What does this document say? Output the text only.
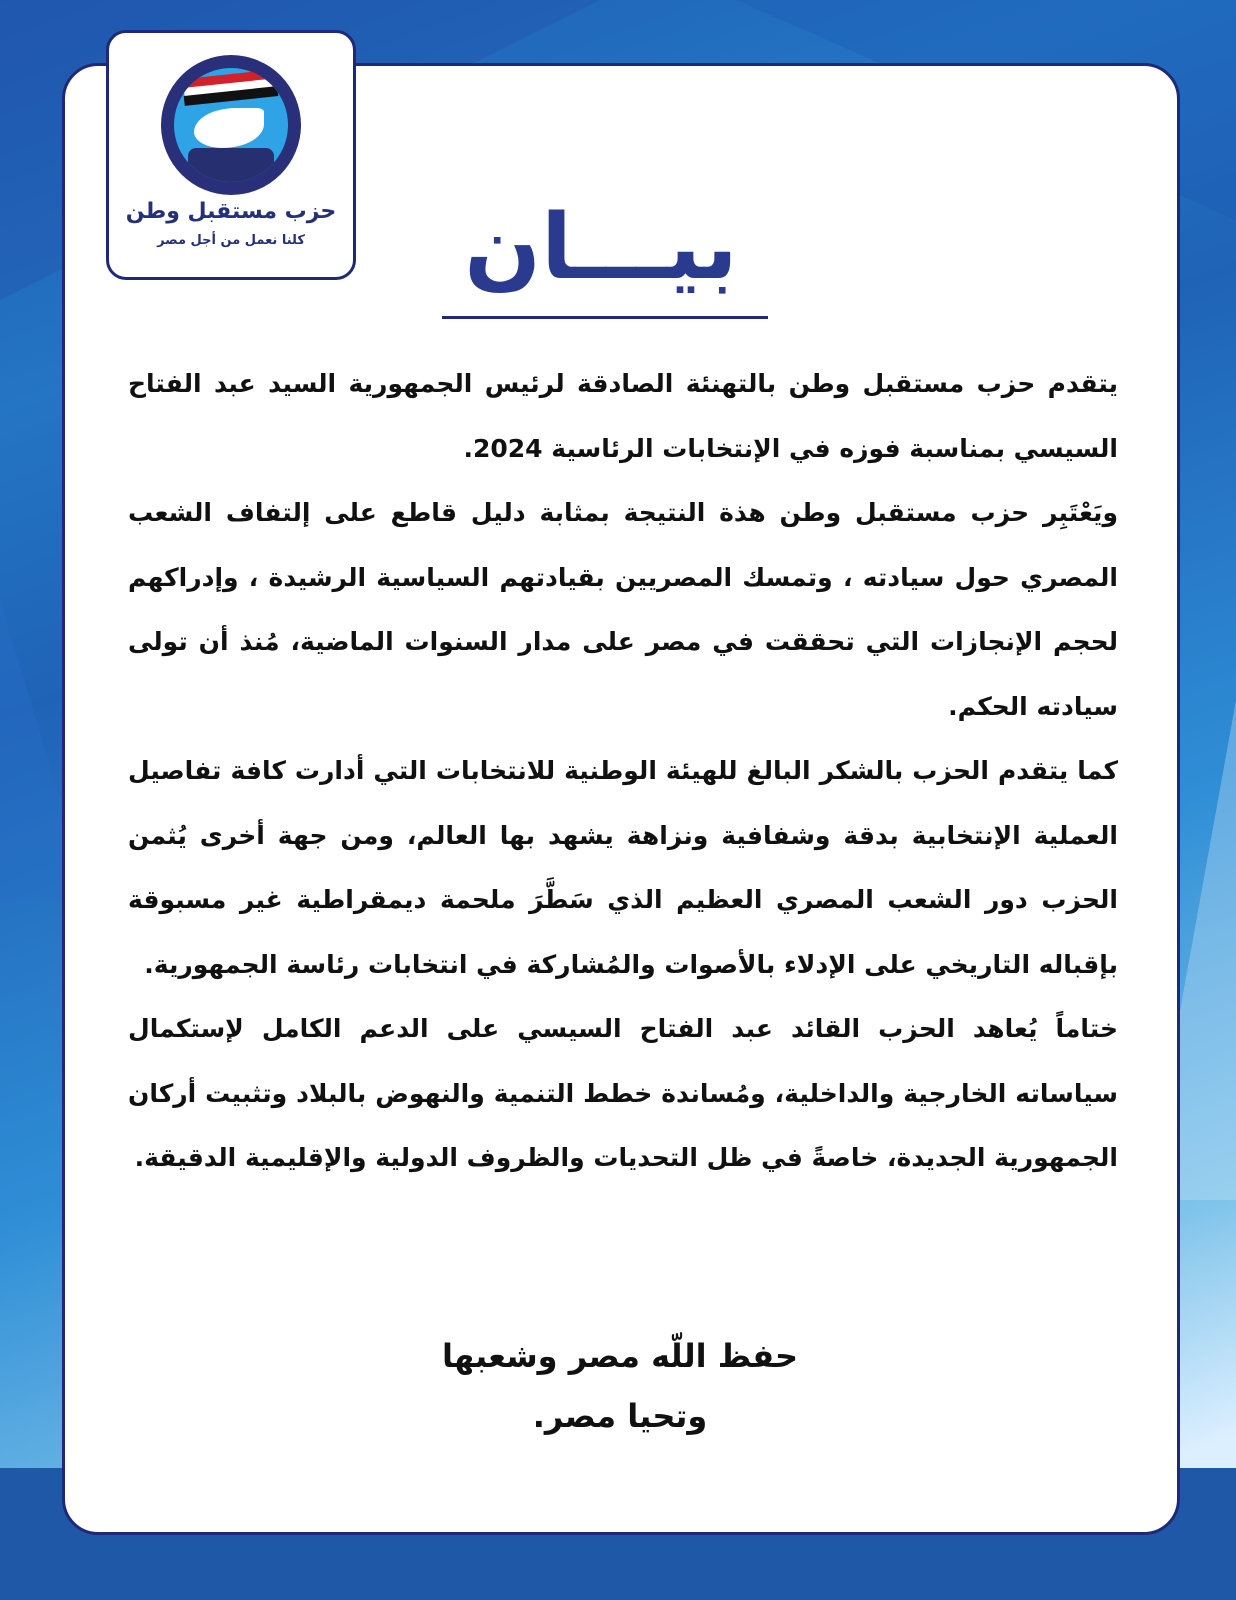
حزب مستقبل وطن
كلنا نعمل من أجل مصر	بيـــان

يتقدم حزب مستقبل وطن بالتهنئة الصادقة لرئيس الجمهورية السيد عبد الفتاح السيسي بمناسبة فوزه في الإنتخابات الرئاسية 2024.

ويَعْتَبِر حزب مستقبل وطن هذة النتيجة بمثابة دليل قاطع على إلتفاف الشعب المصري حول سيادته ، وتمسك المصريين بقيادتهم السياسية الرشيدة ، وإدراكهم لحجم الإنجازات التي تحققت في مصر على مدار السنوات الماضية، مُنذ أن تولى سيادته الحكم.

كما يتقدم الحزب بالشكر البالغ للهيئة الوطنية للانتخابات التي أدارت كافة تفاصيل العملية الإنتخابية بدقة وشفافية ونزاهة يشهد بها العالم، ومن جهة أخرى يُثمن الحزب دور الشعب المصري العظيم الذي سَطَّرَ ملحمة ديمقراطية غير مسبوقة بإقباله التاريخي على الإدلاء بالأصوات والمُشاركة في انتخابات رئاسة الجمهورية.

ختاماً يُعاهد الحزب القائد عبد الفتاح السيسي على الدعم الكامل لإستكمال سياساته الخارجية والداخلية، ومُساندة خطط التنمية والنهوض بالبلاد وتثبيت أركان الجمهورية الجديدة، خاصةً في ظل التحديات والظروف الدولية والإقليمية الدقيقة.

حفظ اللّه مصر وشعبها
وتحيا مصر.
